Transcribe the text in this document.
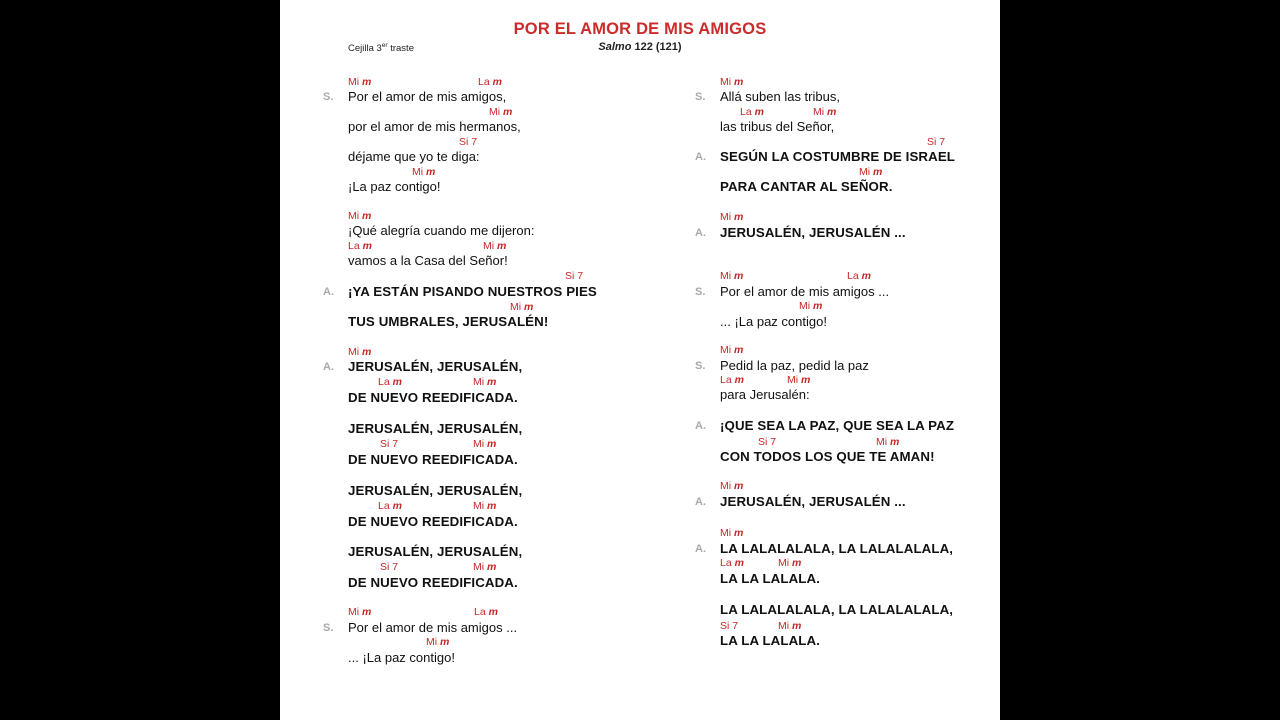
POR EL AMOR DE MIS AMIGOS
Cejilla 3er traste	Salmo 122 (121)
Por el amor de mis amigos,
por el amor de mis hermanos,
déjame que yo te diga:
¡La paz contigo!
¡Qué alegría cuando me dijeron:
vamos a la Casa del Señor!
¡YA ESTÁN PISANDO NUESTROS PIES
TUS UMBRALES, JERUSALÉN!
JERUSALÉN, JERUSALÉN,
DE NUEVO REEDIFICADA.
JERUSALÉN, JERUSALÉN,
DE NUEVO REEDIFICADA.
JERUSALÉN, JERUSALÉN,
DE NUEVO REEDIFICADA.
JERUSALÉN, JERUSALÉN,
DE NUEVO REEDIFICADA.
Por el amor de mis amigos ...
... ¡La paz contigo!
S.
A.
A.
S.
Mi m	La m
Mi m
Si 7
Mi m
Mi m
La m	Mi m
Si 7
Mi m
Mi m
La m	Mi m
Si 7	Mi m
La m	Mi m
Si 7	Mi m
Mi m	La m
Mi m
Allá suben las tribus,
las tribus del Señor,
SEGÚN LA COSTUMBRE DE ISRAEL
PARA CANTAR AL SEÑOR.
JERUSALÉN, JERUSALÉN ...
Por el amor de mis amigos ...
... ¡La paz contigo!
Pedid la paz, pedid la paz
para Jerusalén:
¡QUE SEA LA PAZ, QUE SEA LA PAZ
CON TODOS LOS QUE TE AMAN!
JERUSALÉN, JERUSALÉN ...
LA LALALALALA, LA LALALALALA,
LA LA LALALA.
LA LALALALALA, LA LALALALALA,
LA LA LALALA.
S.
A.
A.
S.
S.
A.
A.
A.
Mi m
La m	Mi m
Si 7
Mi m
Mi m
Mi m	La m
Mi m
Mi m
La m	Mi m
Si 7	Mi m
Mi m
Mi m
La m	Mi m
Si 7	Mi m
